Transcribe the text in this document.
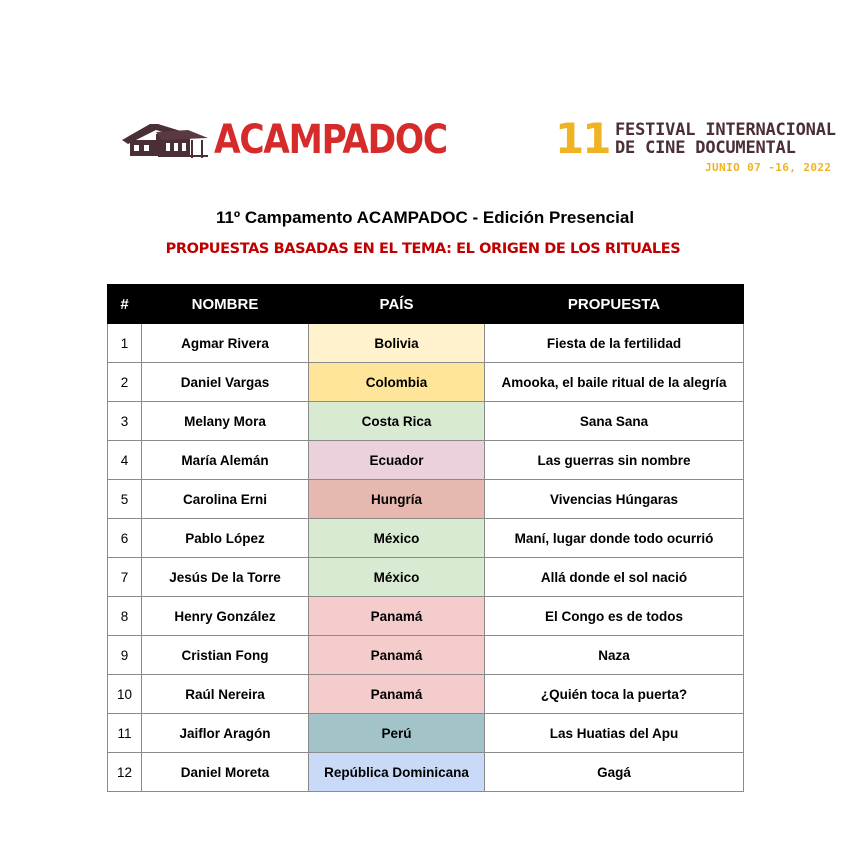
ACAMPADOC	11 FESTIVAL INTERNACIONAL
DE CINE DOCUMENTAL
JUNIO 07 -16, 2022
11º Campamento ACAMPADOC - Edición Presencial
PROPUESTAS BASADAS EN EL TEMA: EL ORIGEN DE LOS RITUALES
#	NOMBRE	PAÍS	PROPUESTA
1	Agmar Rivera	Bolivia	Fiesta de la fertilidad
2	Daniel Vargas	Colombia	Amooka, el baile ritual de la alegría
3	Melany Mora	Costa Rica	Sana Sana
4	María Alemán	Ecuador	Las guerras sin nombre
5	Carolina Erni	Hungría	Vivencias Húngaras
6	Pablo López	México	Maní, lugar donde todo ocurrió
7	Jesús De la Torre	México	Allá donde el sol nació
8	Henry González	Panamá	El Congo es de todos
9	Cristian Fong	Panamá	Naza
10	Raúl Nereira	Panamá	¿Quién toca la puerta?
11	Jaiflor Aragón	Perú	Las Huatias del Apu
12	Daniel Moreta	República Dominicana	Gagá
